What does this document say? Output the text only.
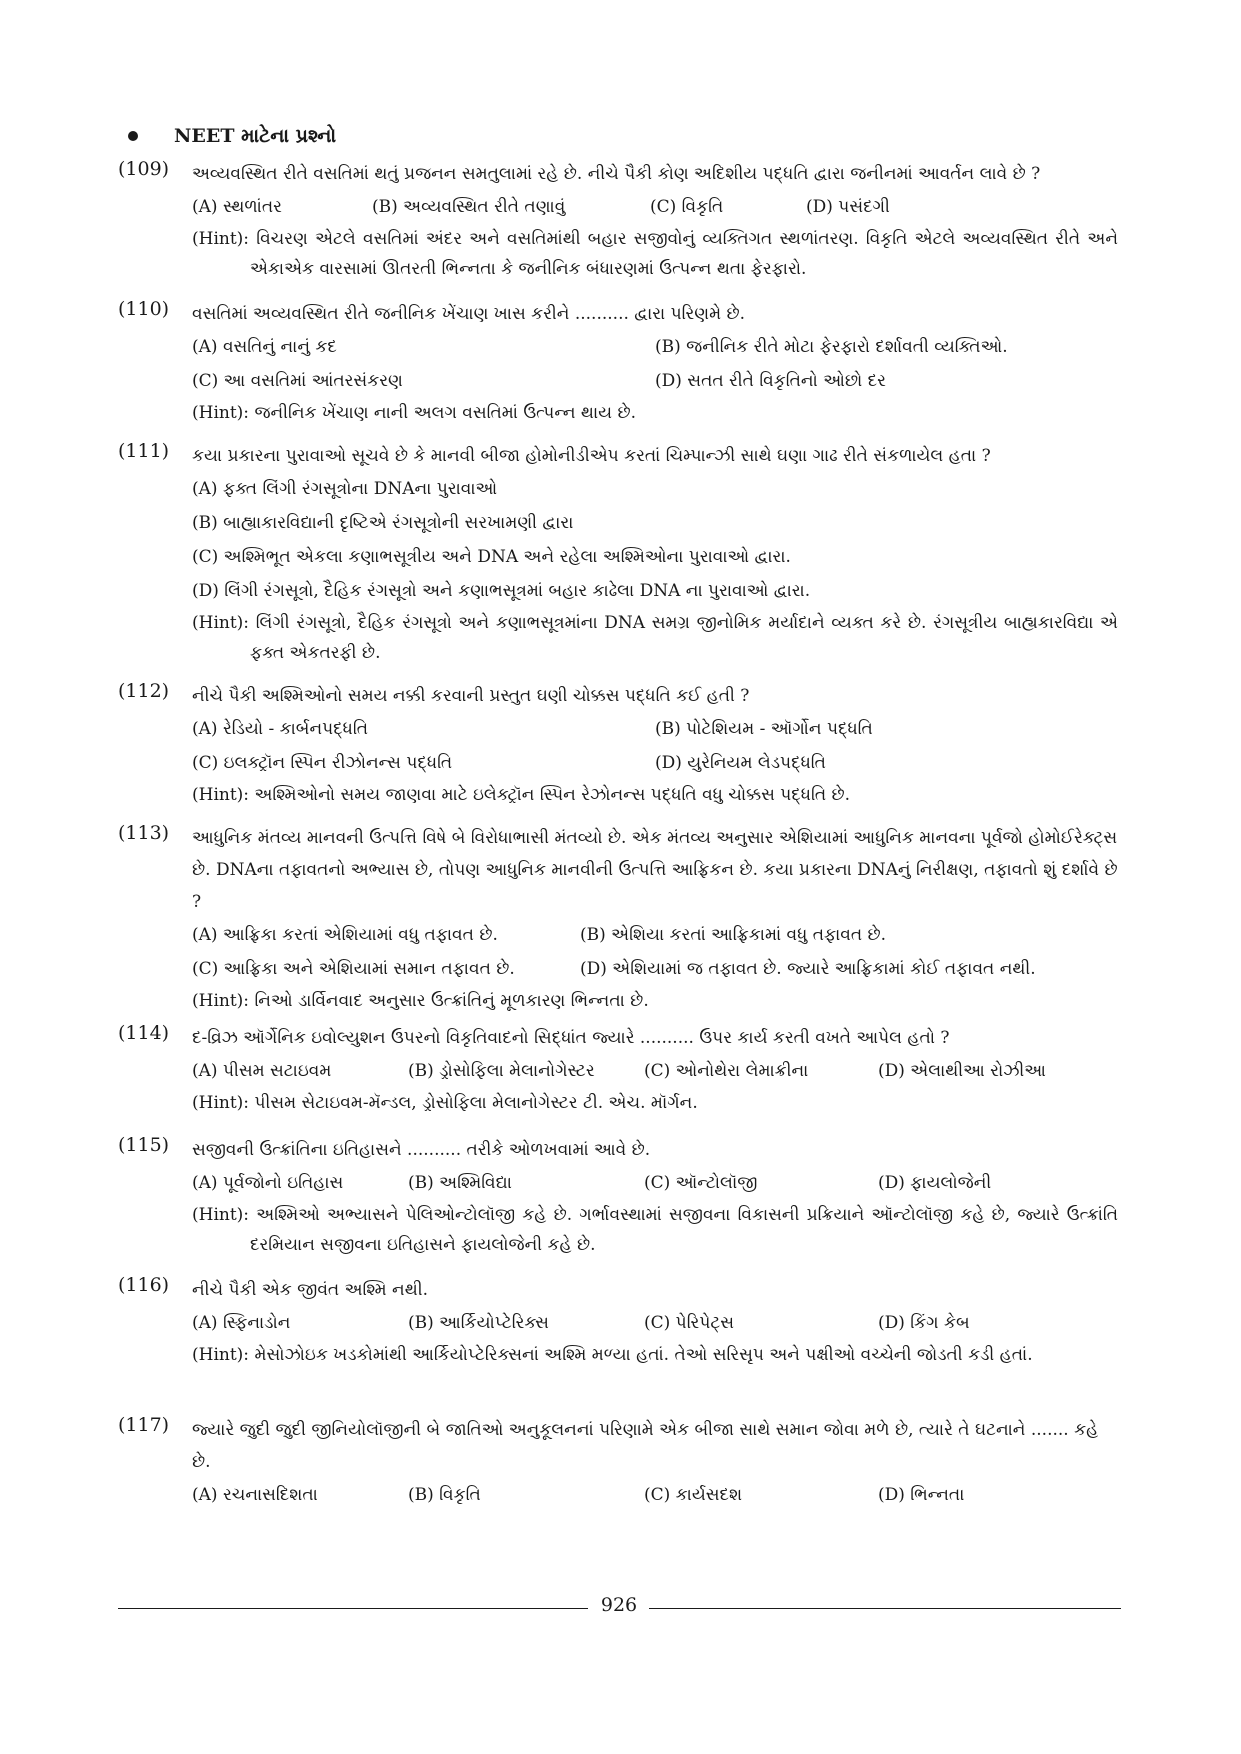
NEET માટેના પ્રશ્નો
(109)	અવ્યવસ્થિત રીતે વસતિમાં થતું પ્રજનન સમતુલામાં રહે છે. નીચે પૈકી કોણ અદિશીય પદ્ધતિ દ્વારા જનીનમાં આવર્તન લાવે છે ?
(A) સ્થળાંતર	(B) અવ્યવસ્થિત રીતે તણાવું	(C) વિકૃતિ	(D) પસંદગી
(Hint): વિચરણ એટલે વસતિમાં અંદર અને વસતિમાંથી બહાર સજીવોનું વ્યક્તિગત સ્થળાંતરણ. વિકૃતિ એટલે અવ્યવસ્થિત રીતે અને એકાએક વારસામાં ઊતરતી ભિન્નતા કે જનીનિક બંધારણમાં ઉત્પન્ન થતા ફેરફારો.
(110)	વસતિમાં અવ્યવસ્થિત રીતે જનીનિક ખેંચાણ ખાસ કરીને .......... દ્વારા પરિણમે છે.
(A) વસતિનું નાનું કદ	(B) જનીનિક રીતે મોટા ફેરફારો દર્શાવતી વ્યક્તિઓ.
(C) આ વસતિમાં આંતરસંકરણ	(D) સતત રીતે વિકૃતિનો ઓછો દર
(Hint): જનીનિક ખેંચાણ નાની અલગ વસતિમાં ઉત્પન્ન થાય છે.
(111)	કયા પ્રકારના પુરાવાઓ સૂચવે છે કે માનવી બીજા હોમોનીડીએપ કરતાં ચિમ્પાન્ઝી સાથે ઘણા ગાઢ રીતે સંકળાયેલ હતા ?
(A) ફક્ત લિંગી રંગસૂત્રોના DNAના પુરાવાઓ
(B) બાહ્યાકારવિદ્યાની દૃષ્ટિએ રંગસૂત્રોની સરખામણી દ્વારા
(C) અશ્મિભૂત એકલા કણાભસૂત્રીય અને DNA અને રહેલા અશ્મિઓના પુરાવાઓ દ્વારા.
(D) લિંગી રંગસૂત્રો, દૈહિક રંગસૂત્રો અને કણાભસૂત્રમાં બહાર કાઢેલા DNA ના પુરાવાઓ દ્વારા.
(Hint): લિંગી રંગસૂત્રો, દૈહિક રંગસૂત્રો અને કણાભસૂત્રમાંના DNA સમગ્ર જીનોમિક મર્યાદાને વ્યક્ત કરે છે. રંગસૂત્રીય બાહ્યકારવિદ્યા એ ફક્ત એકતરફી છે.
(112)	નીચે પૈકી અશ્મિઓનો સમય નક્કી કરવાની પ્રસ્તુત ઘણી ચોક્કસ પદ્ધતિ કઈ હતી ?
(A) રેડિયો - કાર્બનપદ્ધતિ	(B) પોટેશિયમ - ઑર્ગોન પદ્ધતિ
(C) ઇલક્ટ્રૉન સ્પિન રીઝોનન્સ પદ્ધતિ	(D) યુરેનિયમ લેડપદ્ધતિ
(Hint): અશ્મિઓનો સમય જાણવા માટે ઇલેક્ટ્રૉન સ્પિન રેઝોનન્સ પદ્ધતિ વધુ ચોક્કસ પદ્ધતિ છે.
(113)	આધુનિક મંતવ્ય માનવની ઉત્પત્તિ વિષે બે વિરોધાભાસી મંતવ્યો છે. એક મંતવ્ય અનુસાર એશિયામાં આધુનિક માનવના પૂર્વજો હોમોઈરેક્ટ્સ છે. DNAના તફાવતનો અભ્યાસ છે, તોપણ આધુનિક માનવીની ઉત્પત્તિ આફ્રિકન છે. કયા પ્રકારના DNAનું નિરીક્ષણ, તફાવતો શું દર્શાવે છે ?
(A) આફ્રિકા કરતાં એશિયામાં વધુ તફાવત છે.	(B) એશિયા કરતાં આફ્રિકામાં વધુ તફાવત છે.
(C) આફ્રિકા અને એશિયામાં સમાન તફાવત છે.	(D) એશિયામાં જ તફાવત છે. જ્યારે આફ્રિકામાં કોઈ તફાવત નથી.
(Hint): નિઓ ડાર્વિનવાદ અનુસાર ઉત્ક્રાંતિનું મૂળકારણ ભિન્નતા છે.
(114)	દ-વ્રિઝ ઑર્ગેનિક ઇવોલ્યુશન ઉપરનો વિકૃતિવાદનો સિદ્ધાંત જ્યારે .......... ઉપર કાર્ય કરતી વખતે આપેલ હતો ?
(A) પીસમ સટાઇવમ	(B) ડ્રોસોફિલા મેલાનોગેસ્ટર	(C) ઓનોથેરા લેમાક્રીના	(D) એલાથીઆ રોઝીઆ
(Hint): પીસમ સેટાઇવમ-મૅન્ડલ, ડ્રોસોફિલા મેલાનોગેસ્ટર ટી. એચ. મૉર્ગન.
(115)	સજીવની ઉત્ક્રાંતિના ઇતિહાસને .......... તરીકે ઓળખવામાં આવે છે.
(A) પૂર્વજોનો ઇતિહાસ	(B) અશ્મિવિદ્યા	(C) ઑન્ટોલૉજી	(D) ફાયલોજેની
(Hint): અશ્મિઓ અભ્યાસને પેલિઓન્ટોલૉજી કહે છે. ગર્ભાવસ્થામાં સજીવના વિકાસની પ્રક્રિયાને ઑન્ટોલૉજી કહે છે, જ્યારે ઉત્ક્રાંતિ દરમિયાન સજીવના ઇતિહાસને ફાયલોજેની કહે છે.
(116)	નીચે પૈકી એક જીવંત અશ્મિ નથી.
(A) સ્ફિનાડોન	(B) આર્કિયોપ્ટેરિક્સ	(C) પેરિપેટ્સ	(D) કિંગ કેબ
(Hint): મેસોઝોઇક ખડકોમાંથી આર્કિયોપ્ટેરિક્સનાં અશ્મિ મળ્યા હતાં. તેઓ સરિસૃપ અને પક્ષીઓ વચ્ચેની જોડતી કડી હતાં.
(117)	જ્યારે જુદી જુદી જીનિયોલૉજીની બે જાતિઓ અનુકૂલનનાં પરિણામે એક બીજા સાથે સમાન જોવા મળે છે, ત્યારે તે ઘટનાને ....... કહે છે.
(A) રચનાસદિશતા	(B) વિકૃતિ	(C) કાર્યસદશ	(D) ભિન્નતા
926
